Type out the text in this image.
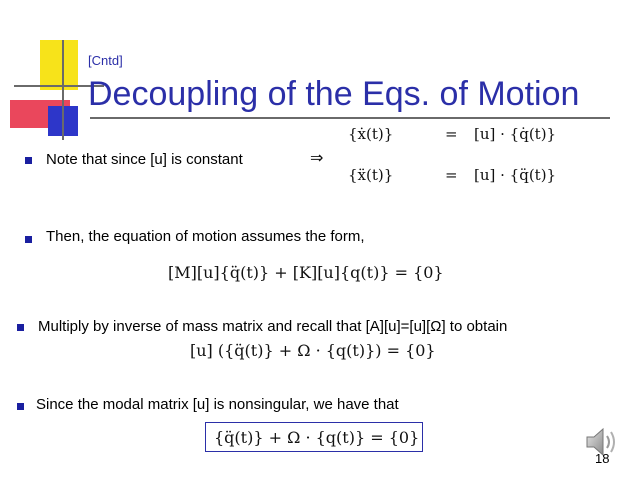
[Cntd]
Decoupling of the Eqs. of Motion
Note that since [u] is constant	⇒
{ẋ(t)}	= [u] · {q̇(t)}
{ẍ(t)}	= [u] · {q̈(t)}
Then, the equation of motion assumes the form,
[M][u]{q̈(t)} + [K][u]{q(t)} = {0}
Multiply by inverse of mass matrix and recall that [A][u]=[u][Ω] to obtain
[u] ({q̈(t)} + Ω · {q(t)}) = {0}
Since the modal matrix [u] is nonsingular, we have that
{q̈(t)} + Ω · {q(t)} = {0}
18
